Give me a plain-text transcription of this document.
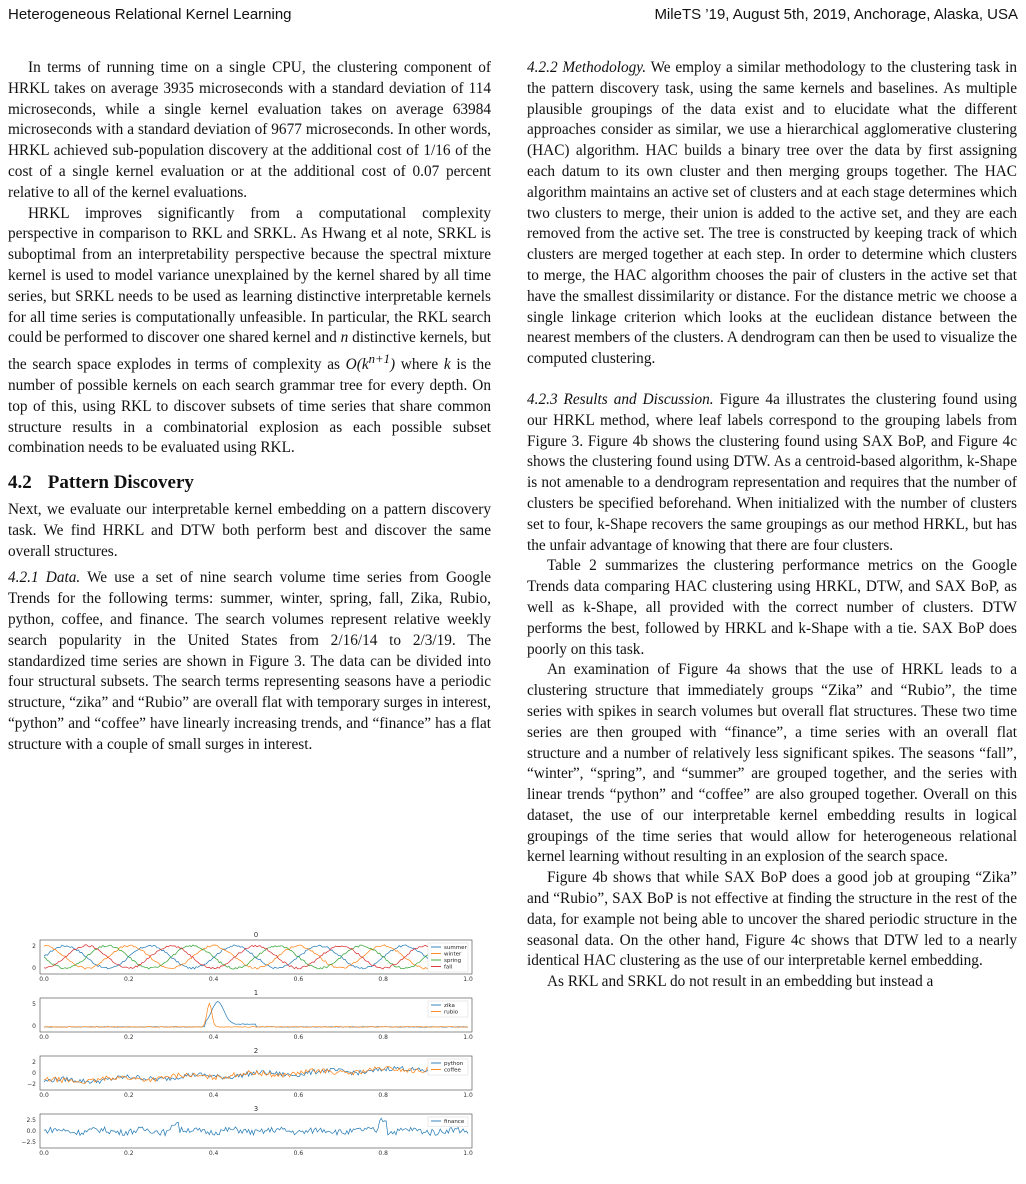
Heterogeneous Relational Kernel Learning	MileTS ’19, August 5th, 2019, Anchorage, Alaska, USA

In terms of running time on a single CPU, the clustering component of HRKL takes on average 3935 microseconds with a standard deviation of 114 microseconds, while a single kernel evaluation takes on average 63984 microseconds with a standard deviation of 9677 microseconds. In other words, HRKL achieved sub-population discovery at the additional cost of 1/16 of the cost of a single kernel evaluation or at the additional cost of 0.07 percent relative to all of the kernel evaluations.

HRKL improves significantly from a computational complexity perspective in comparison to RKL and SRKL. As Hwang et al note, SRKL is suboptimal from an interpretability perspective because the spectral mixture kernel is used to model variance unexplained by the kernel shared by all time series, but SRKL needs to be used as learning distinctive interpretable kernels for all time series is computationally unfeasible. In particular, the RKL search could be performed to discover one shared kernel and n distinctive kernels, but the search space explodes in terms of complexity as $O(k^{n+1})$ where k is the number of possible kernels on each search grammar tree for every depth. On top of this, using RKL to discover subsets of time series that share common structure results in a combinatorial explosion as each possible subset combination needs to be evaluated using RKL.

4.2 Pattern Discovery

Next, we evaluate our interpretable kernel embedding on a pattern discovery task. We find HRKL and DTW both perform best and discover the same overall structures.

4.2.1 Data. We use a set of nine search volume time series from Google Trends for the following terms: summer, winter, spring, fall, Zika, Rubio, python, coffee, and finance. The search volumes represent relative weekly search popularity in the United States from 2/16/14 to 2/3/19. The standardized time series are shown in Figure 3. The data can be divided into four structural subsets. The search terms representing seasons have a periodic structure, “zika” and “Rubio” are overall flat with temporary surges in interest, “python” and “coffee” have linearly increasing trends, and “finance” has a flat structure with a couple of small surges in interest.

4.2.2 Methodology. We employ a similar methodology to the clustering task in the pattern discovery task, using the same kernels and baselines. As multiple plausible groupings of the data exist and to elucidate what the different approaches consider as similar, we use a hierarchical agglomerative clustering (HAC) algorithm. HAC builds a binary tree over the data by first assigning each datum to its own cluster and then merging groups together. The HAC algorithm maintains an active set of clusters and at each stage determines which two clusters to merge, their union is added to the active set, and they are each removed from the active set. The tree is constructed by keeping track of which clusters are merged together at each step. In order to determine which clusters to merge, the HAC algorithm chooses the pair of clusters in the active set that have the smallest dissimilarity or distance. For the distance metric we choose a single linkage criterion which looks at the euclidean distance between the nearest members of the clusters. A dendrogram can then be used to visualize the computed clustering.

4.2.3 Results and Discussion. Figure 4a illustrates the clustering found using our HRKL method, where leaf labels correspond to the grouping labels from Figure 3. Figure 4b shows the clustering found using SAX BoP, and Figure 4c shows the clustering found using DTW. As a centroid-based algorithm, k-Shape is not amenable to a dendrogram representation and requires that the number of clusters be specified beforehand. When initialized with the number of clusters set to four, k-Shape recovers the same groupings as our method HRKL, but has the unfair advantage of knowing that there are four clusters.

Table 2 summarizes the clustering performance metrics on the Google Trends data comparing HAC clustering using HRKL, DTW, and SAX BoP, as well as k-Shape, all provided with the correct number of clusters. DTW performs the best, followed by HRKL and k-Shape with a tie. SAX BoP does poorly on this task.

An examination of Figure 4a shows that the use of HRKL leads to a clustering structure that immediately groups “Zika” and “Rubio”, the time series with spikes in search volumes but overall flat structures. These two time series are then grouped with “finance”, a time series with an overall flat structure and a number of relatively less significant spikes. The seasons “fall”, “winter”, “spring”, and “summer” are grouped together, and the series with linear trends “python” and “coffee” are also grouped together. Overall on this dataset, the use of our interpretable kernel embedding results in logical groupings of the time series that would allow for heterogeneous relational kernel learning without resulting in an explosion of the search space.

Figure 4b shows that while SAX BoP does a good job at grouping “Zika” and “Rubio”, SAX BoP is not effective at finding the structure in the rest of the data, for example not being able to uncover the shared periodic structure in the seasonal data. On the other hand, Figure 4c shows that DTW led to a nearly identical HAC clustering as the use of our interpretable kernel embedding.

As RKL and SRKL do not result in an embedding but instead a

0
2
0
0.0	0.2	0.4	0.6	0.8	1.0
summer
winter
spring
fall
1
5
0
0.0	0.2	0.4	0.6	0.8	1.0
zika
rubio
2
2
0
−2
0.0	0.2	0.4	0.6	0.8	1.0
python
coffee
3
2.5
0.0
−2.5
0.0	0.2	0.4	0.6	0.8	1.0
finance
